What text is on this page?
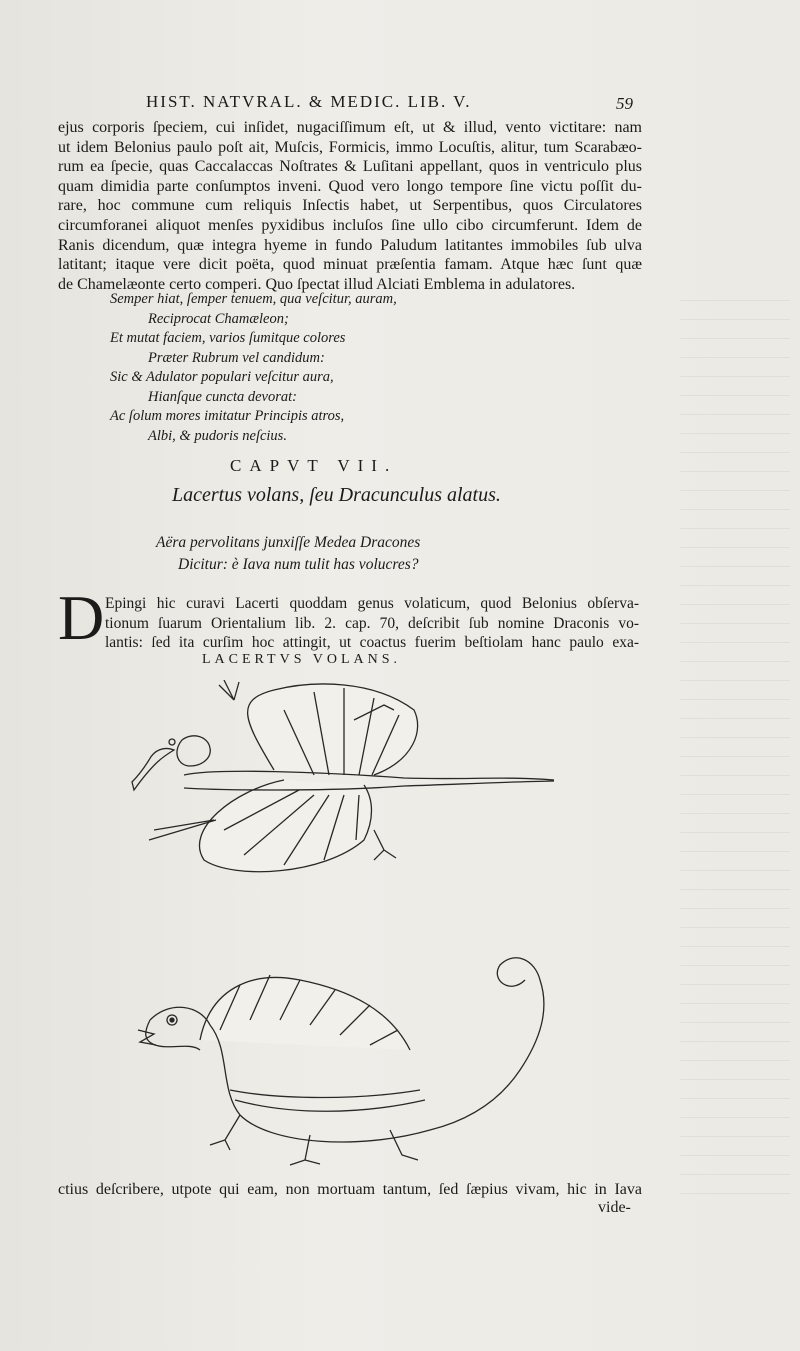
HIST. NATVRAL. & MEDIC. LIB. V.	59
ejus corporis ſpeciem, cui inſidet, nugaciſſimum eſt, ut & illud, vento victitare: nam
ut idem Belonius paulo poſt ait, Muſcis, Formicis, immo Locuſtis, alitur, tum Scarabæo-
rum ea ſpecie, quas Caccalaccas Noſtrates & Luſitani appellant, quos in ventriculo plus
quam dimidia parte conſumptos inveni. Quod vero longo tempore ſine victu poſſit du-
rare, hoc commune cum reliquis Inſectis habet, ut Serpentibus, quos Circulatores
circumforanei aliquot menſes pyxidibus incluſos ſine ullo cibo circumferunt. Idem de
Ranis dicendum, quæ integra hyeme in fundo Paludum latitantes immobiles ſub ulva
latitant; itaque vere dicit poëta, quod minuat præſentia famam. Atque hæc ſunt quæ
de Chamelæonte certo comperi. Quo ſpectat illud Alciati Emblema in adulatores.
Semper hiat, ſemper tenuem, qua veſcitur, auram,
Reciprocat Chamæleon;
Et mutat faciem, varios ſumitque colores
Præter Rubrum vel candidum:
Sic & Adulator populari veſcitur aura,
Hianſque cuncta devorat:
Ac ſolum mores imitatur Principis atros,
Albi, & pudoris neſcius.
CAPVT VII.
Lacertus volans, ſeu Dracunculus alatus.
Aëra pervolitans junxiſſe Medea Dracones
Dicitur: è Iava num tulit has volucres?
D Epingi hic curavi Lacerti quoddam genus volaticum, quod Belonius obſerva-
tionum ſuarum Orientalium lib. 2. cap. 70, deſcribit ſub nomine Draconis vo-
lantis: ſed ita curſim hoc attingit, ut coactus fuerim beſtiolam hanc paulo exa-
LACERTVS VOLANS.
ctius deſcribere, utpote qui eam, non mortuam tantum, ſed ſæpius vivam, hic in Iava
vide-
